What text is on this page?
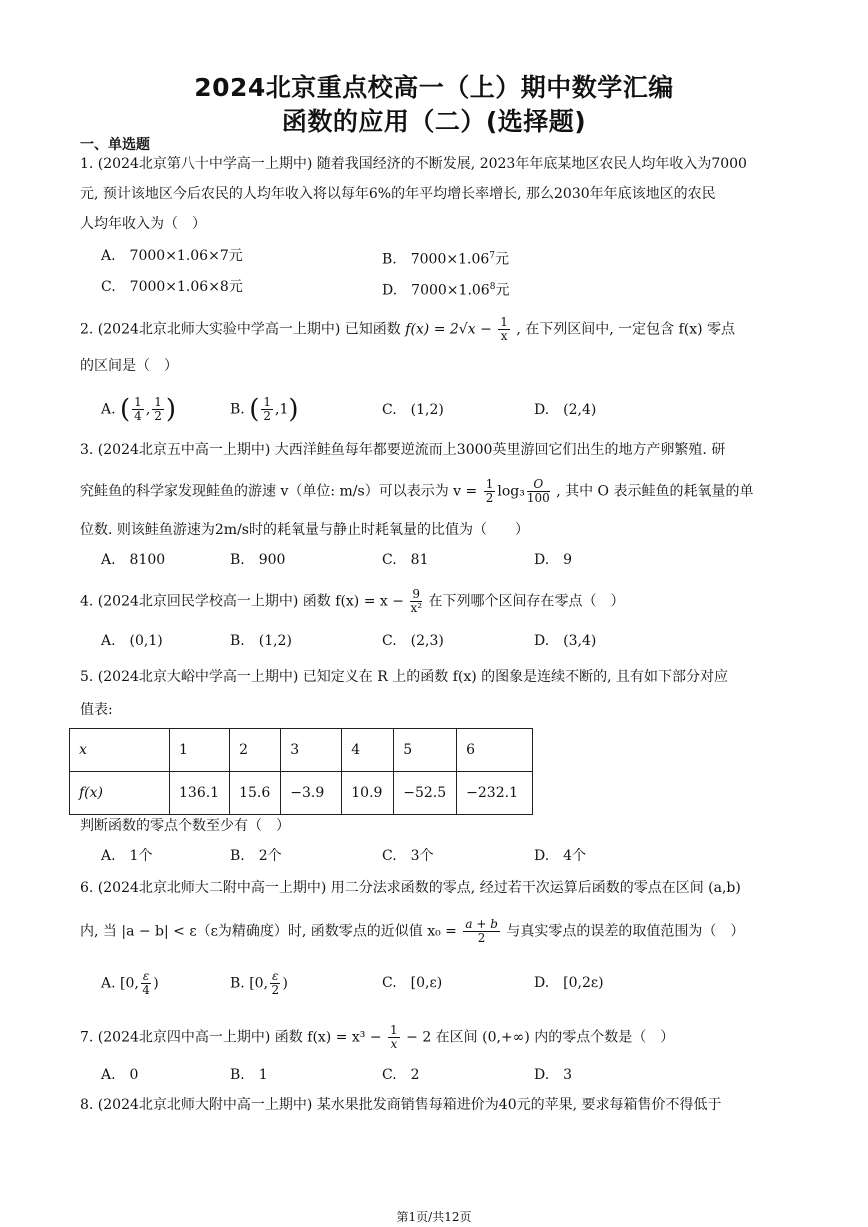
2024北京重点校高一（上）期中数学汇编
函数的应用（二）(选择题)
一、单选题
1. (2024北京第八十中学高一上期中) 随着我国经济的不断发展, 2023年年底某地区农民人均年收入为7000
元, 预计该地区今后农民的人均年收入将以每年6%的年平均增长率增长, 那么2030年年底该地区的农民
人均年收入为（　）
A.　7000×1.06×7元	B.　$7000\times 1.06^7$元
C.　7000×1.06×8元	D.　$7000\times 1.06^8$元
2. (2024北京北师大实验中学高一上期中) 已知函数 $f(x) = 2√x - \frac{1}{x}$ , 在下列区间中, 一定包含 f(x) 零点
的区间是（　）
A. ( $\frac{1}{4}$ , $\frac{1}{2}$ )	B. ( $\frac{1}{2} ,1$)	C.　(1,2)	D.　(2,4)
3. (2024北京五中高一上期中) 大西洋鲑鱼每年都要逆流而上3000英里游回它们出生的地方产卵繁殖. 研
究鲑鱼的科学家发现鲑鱼的游速 v（单位: m/s）可以表示为 $v = \frac{1}{2} \log_3 \frac{O}{100}$ , 其中 O 表示鲑鱼的耗氧量的单
位数. 则该鲑鱼游速为2m/s时的耗氧量与静止时耗氧量的比值为（　　）
A.　8100	B.　900	C.　81	D.　9
4. (2024北京回民学校高一上期中) 函数 $f(x) = x - \frac{9}{\text{x²}}$ 在下列哪个区间存在零点（　）
A.　(0,1)	B.　(1,2)	C.　(2,3)	D.　(3,4)
5. (2024北京大峪中学高一上期中) 已知定义在 R 上的函数 f(x) 的图象是连续不断的, 且有如下部分对应
值表:
x	1	2	3	4	5	6
f(x)	136.1	15.6	−3.9	10.9	−52.5	−232.1
判断函数的零点个数至少有（　）
A.　1个	B.　2个	C.　3个	D.　4个
6. (2024北京北师大二附中高一上期中) 用二分法求函数的零点, 经过若干次运算后函数的零点在区间 (a,b)
内, 当 |a − b| < ε（ε为精确度）时, 函数零点的近似值 $x_0 = \frac{a + b}{2}$ 与真实零点的误差的取值范围为（　）
A. [0, $\frac{\varepsilon}{4}$ )	B. [0, $\frac{\varepsilon}{2}$ )	C.　[0,ε)	D.　[0,2ε)
7. (2024北京四中高一上期中) 函数 $f(x) = x^3 - \frac{1}{x} - 2$ 在区间 (0,+∞) 内的零点个数是（　）
A.　0	B.　1	C.　2	D.　3
8. (2024北京北师大附中高一上期中) 某水果批发商销售每箱进价为40元的苹果, 要求每箱售价不得低于
第1页/共12页
